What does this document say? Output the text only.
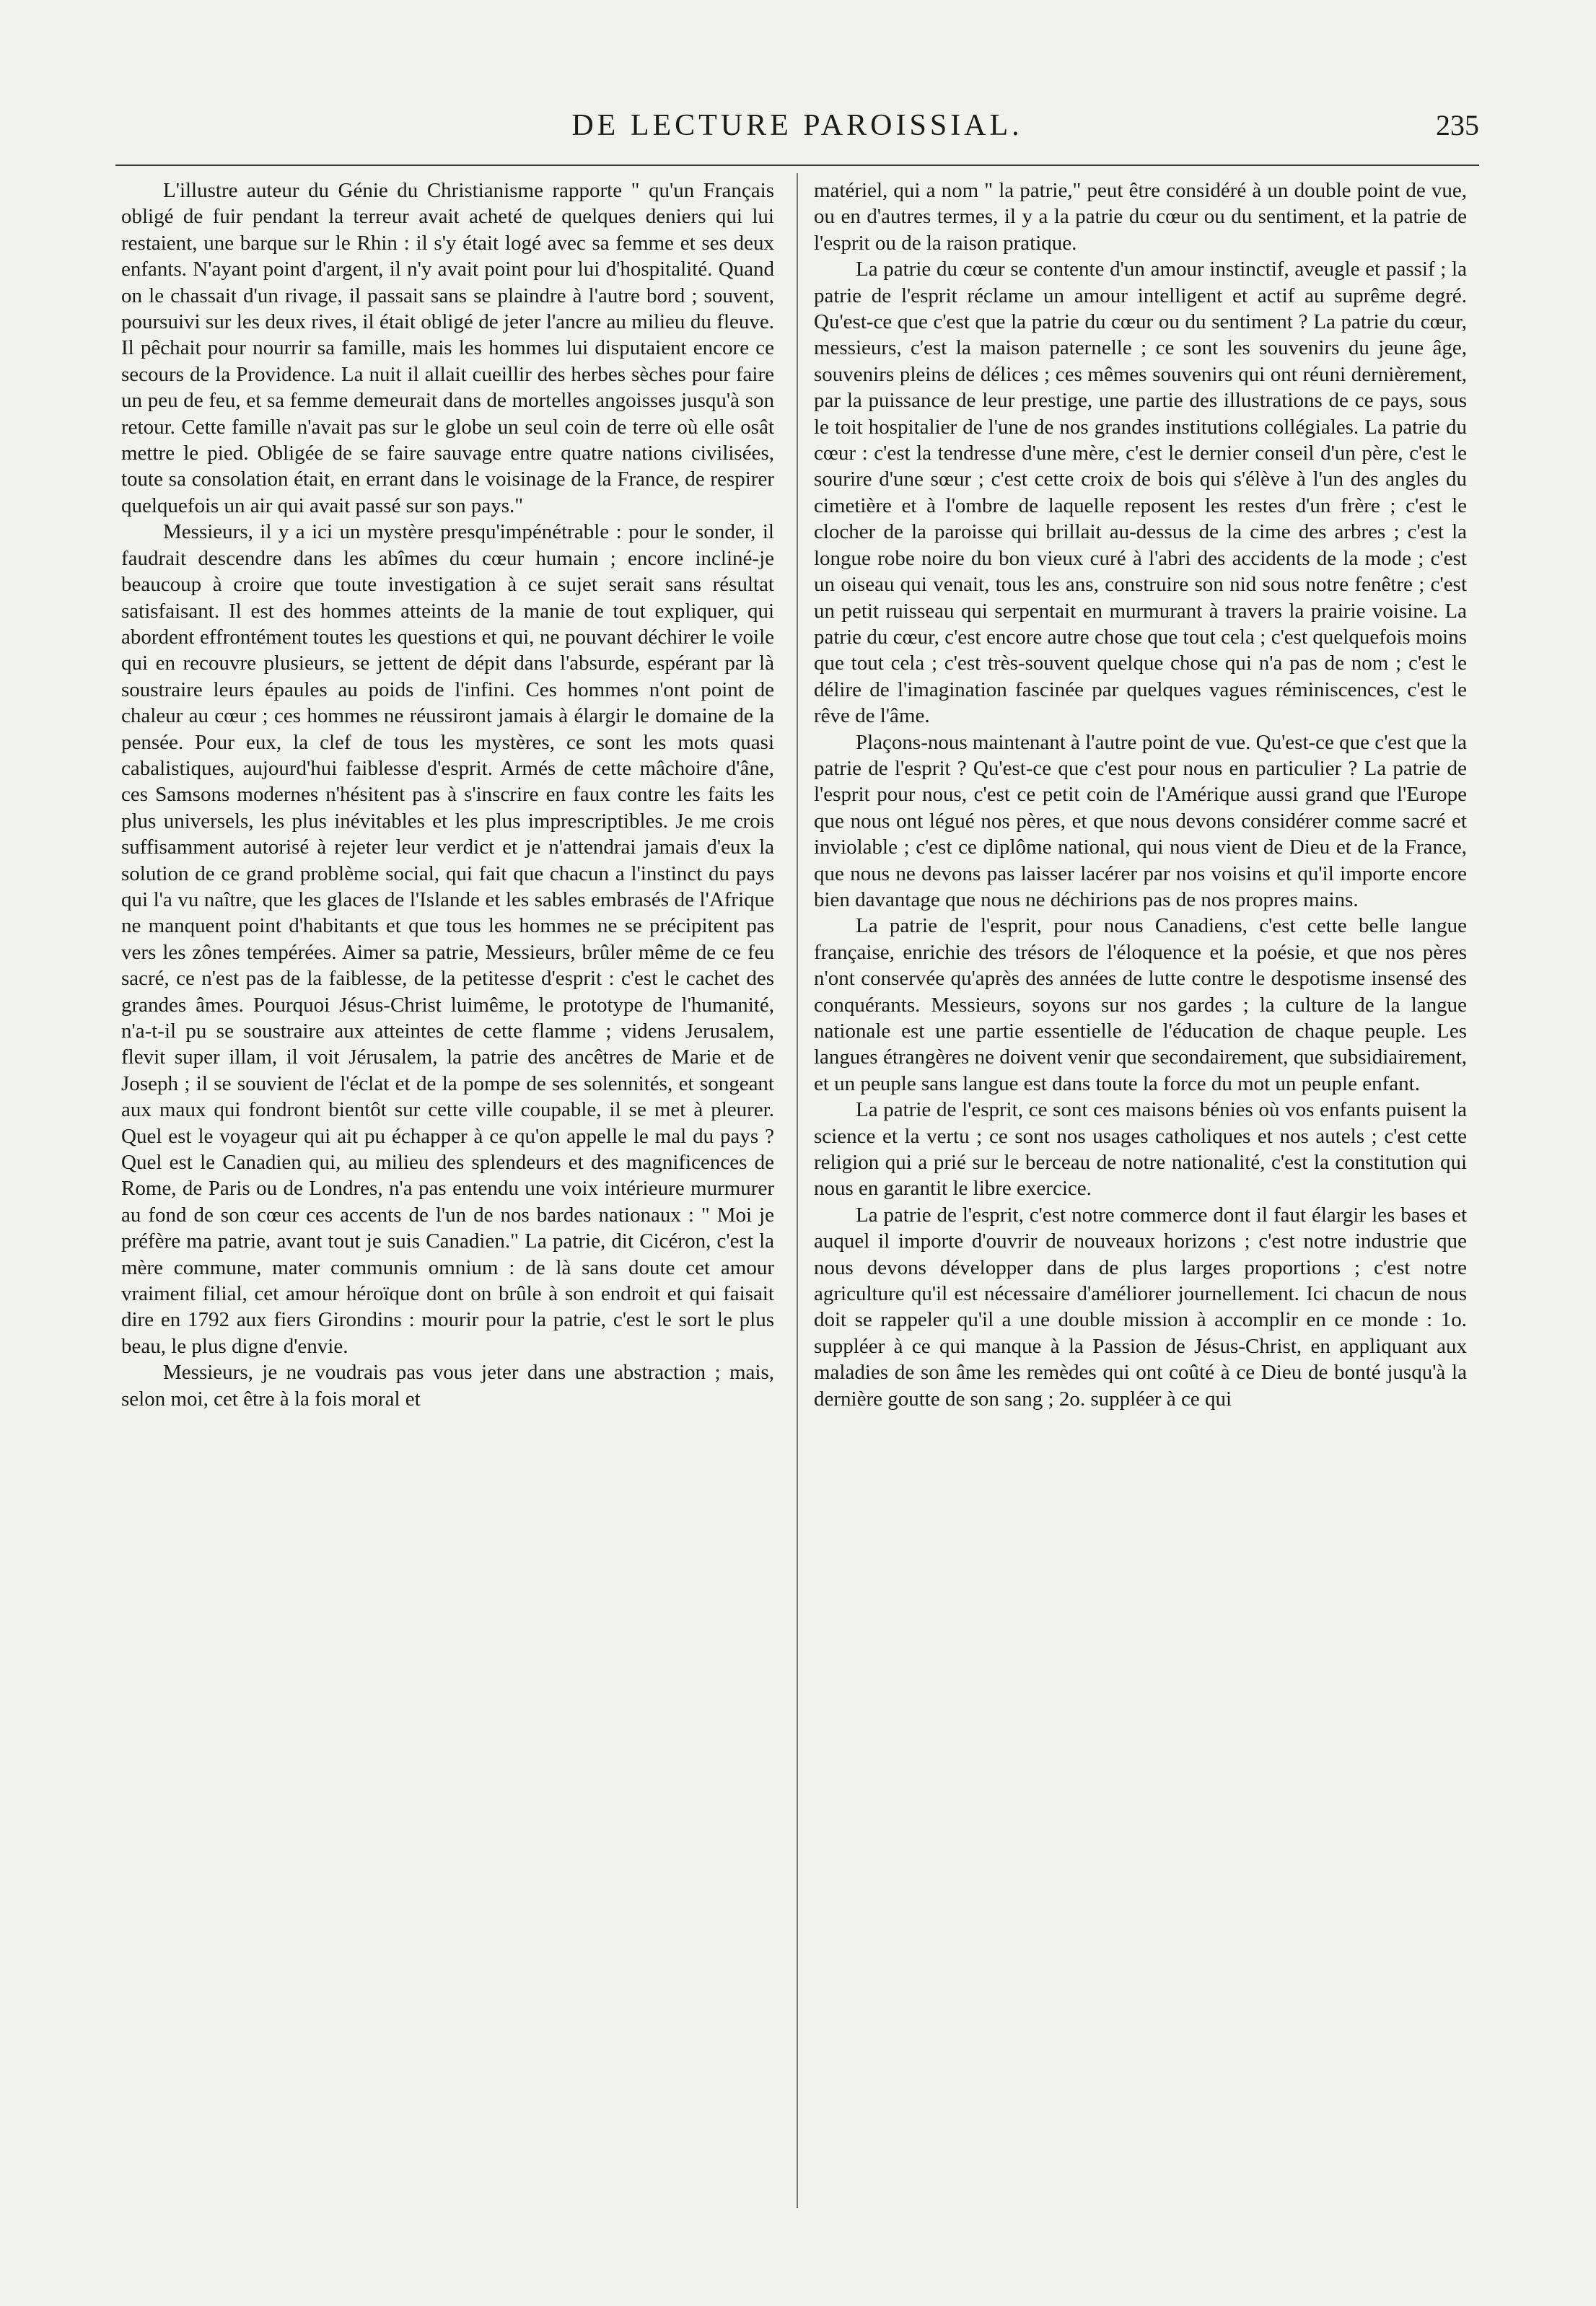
DE LECTURE PAROISSIAL.	235

L'illustre auteur du Génie du Christianisme rapporte " qu'un Français obligé de fuir pendant la terreur avait acheté de quelques deniers qui lui restaient, une barque sur le Rhin : il s'y était logé avec sa femme et ses deux enfants. N'ayant point d'argent, il n'y avait point pour lui d'hospitalité. Quand on le chassait d'un rivage, il passait sans se plaindre à l'autre bord ; souvent, poursuivi sur les deux rives, il était obligé de jeter l'ancre au milieu du fleuve. Il pêchait pour nourrir sa famille, mais les hommes lui disputaient encore ce secours de la Providence. La nuit il allait cueillir des herbes sèches pour faire un peu de feu, et sa femme demeurait dans de mortelles angoisses jusqu'à son retour. Cette famille n'avait pas sur le globe un seul coin de terre où elle osât mettre le pied. Obligée de se faire sauvage entre quatre nations civilisées, toute sa consolation était, en errant dans le voisinage de la France, de respirer quelquefois un air qui avait passé sur son pays."

Messieurs, il y a ici un mystère presqu'impénétrable : pour le sonder, il faudrait descendre dans les abîmes du cœur humain ; encore incliné-je beaucoup à croire que toute investigation à ce sujet serait sans résultat satisfaisant. Il est des hommes atteints de la manie de tout expliquer, qui abordent effrontément toutes les questions et qui, ne pouvant déchirer le voile qui en recouvre plusieurs, se jettent de dépit dans l'absurde, espérant par là soustraire leurs épaules au poids de l'infini. Ces hommes n'ont point de chaleur au cœur ; ces hommes ne réussiront jamais à élargir le domaine de la pensée. Pour eux, la clef de tous les mystères, ce sont les mots quasi cabalistiques, aujourd'hui faiblesse d'esprit. Armés de cette mâchoire d'âne, ces Samsons modernes n'hésitent pas à s'inscrire en faux contre les faits les plus universels, les plus inévitables et les plus imprescriptibles. Je me crois suffisamment autorisé à rejeter leur verdict et je n'attendrai jamais d'eux la solution de ce grand problème social, qui fait que chacun a l'instinct du pays qui l'a vu naître, que les glaces de l'Islande et les sables embrasés de l'Afrique ne manquent point d'habitants et que tous les hommes ne se précipitent pas vers les zônes tempérées. Aimer sa patrie, Messieurs, brûler même de ce feu sacré, ce n'est pas de la faiblesse, de la petitesse d'esprit : c'est le cachet des grandes âmes. Pourquoi Jésus-Christ luimême, le prototype de l'humanité, n'a-t-il pu se soustraire aux atteintes de cette flamme ; videns Jerusalem, flevit super illam, il voit Jérusalem, la patrie des ancêtres de Marie et de Joseph ; il se souvient de l'éclat et de la pompe de ses solennités, et songeant aux maux qui fondront bientôt sur cette ville coupable, il se met à pleurer. Quel est le voyageur qui ait pu échapper à ce qu'on appelle le mal du pays ? Quel est le Canadien qui, au milieu des splendeurs et des magnificences de Rome, de Paris ou de Londres, n'a pas entendu une voix intérieure murmurer au fond de son cœur ces accents de l'un de nos bardes nationaux : " Moi je préfère ma patrie, avant tout je suis Canadien." La patrie, dit Cicéron, c'est la mère commune, mater communis omnium : de là sans doute cet amour vraiment filial, cet amour héroïque dont on brûle à son endroit et qui faisait dire en 1792 aux fiers Girondins : mourir pour la patrie, c'est le sort le plus beau, le plus digne d'envie.

Messieurs, je ne voudrais pas vous jeter dans une abstraction ; mais, selon moi, cet être à la fois moral et

matériel, qui a nom " la patrie," peut être considéré à un double point de vue, ou en d'autres termes, il y a la patrie du cœur ou du sentiment, et la patrie de l'esprit ou de la raison pratique.

La patrie du cœur se contente d'un amour instinctif, aveugle et passif ; la patrie de l'esprit réclame un amour intelligent et actif au suprême degré. Qu'est-ce que c'est que la patrie du cœur ou du sentiment ? La patrie du cœur, messieurs, c'est la maison paternelle ; ce sont les souvenirs du jeune âge, souvenirs pleins de délices ; ces mêmes souvenirs qui ont réuni dernièrement, par la puissance de leur prestige, une partie des illustrations de ce pays, sous le toit hospitalier de l'une de nos grandes institutions collégiales. La patrie du cœur : c'est la tendresse d'une mère, c'est le dernier conseil d'un père, c'est le sourire d'une sœur ; c'est cette croix de bois qui s'élève à l'un des angles du cimetière et à l'ombre de laquelle reposent les restes d'un frère ; c'est le clocher de la paroisse qui brillait au-dessus de la cime des arbres ; c'est la longue robe noire du bon vieux curé à l'abri des accidents de la mode ; c'est un oiseau qui venait, tous les ans, construire son nid sous notre fenêtre ; c'est un petit ruisseau qui serpentait en murmurant à travers la prairie voisine. La patrie du cœur, c'est encore autre chose que tout cela ; c'est quelquefois moins que tout cela ; c'est très-souvent quelque chose qui n'a pas de nom ; c'est le délire de l'imagination fascinée par quelques vagues réminiscences, c'est le rêve de l'âme.

Plaçons-nous maintenant à l'autre point de vue. Qu'est-ce que c'est que la patrie de l'esprit ? Qu'est-ce que c'est pour nous en particulier ? La patrie de l'esprit pour nous, c'est ce petit coin de l'Amérique aussi grand que l'Europe que nous ont légué nos pères, et que nous devons considérer comme sacré et inviolable ; c'est ce diplôme national, qui nous vient de Dieu et de la France, que nous ne devons pas laisser lacérer par nos voisins et qu'il importe encore bien davantage que nous ne déchirions pas de nos propres mains.

La patrie de l'esprit, pour nous Canadiens, c'est cette belle langue française, enrichie des trésors de l'éloquence et la poésie, et que nos pères n'ont conservée qu'après des années de lutte contre le despotisme insensé des conquérants. Messieurs, soyons sur nos gardes ; la culture de la langue nationale est une partie essentielle de l'éducation de chaque peuple. Les langues étrangères ne doivent venir que secondairement, que subsidiairement, et un peuple sans langue est dans toute la force du mot un peuple enfant.

La patrie de l'esprit, ce sont ces maisons bénies où vos enfants puisent la science et la vertu ; ce sont nos usages catholiques et nos autels ; c'est cette religion qui a prié sur le berceau de notre nationalité, c'est la constitution qui nous en garantit le libre exercice.

La patrie de l'esprit, c'est notre commerce dont il faut élargir les bases et auquel il importe d'ouvrir de nouveaux horizons ; c'est notre industrie que nous devons développer dans de plus larges proportions ; c'est notre agriculture qu'il est nécessaire d'améliorer journellement. Ici chacun de nous doit se rappeler qu'il a une double mission à accomplir en ce monde : 1o. suppléer à ce qui manque à la Passion de Jésus-Christ, en appliquant aux maladies de son âme les remèdes qui ont coûté à ce Dieu de bonté jusqu'à la dernière goutte de son sang ; 2o. suppléer à ce qui
